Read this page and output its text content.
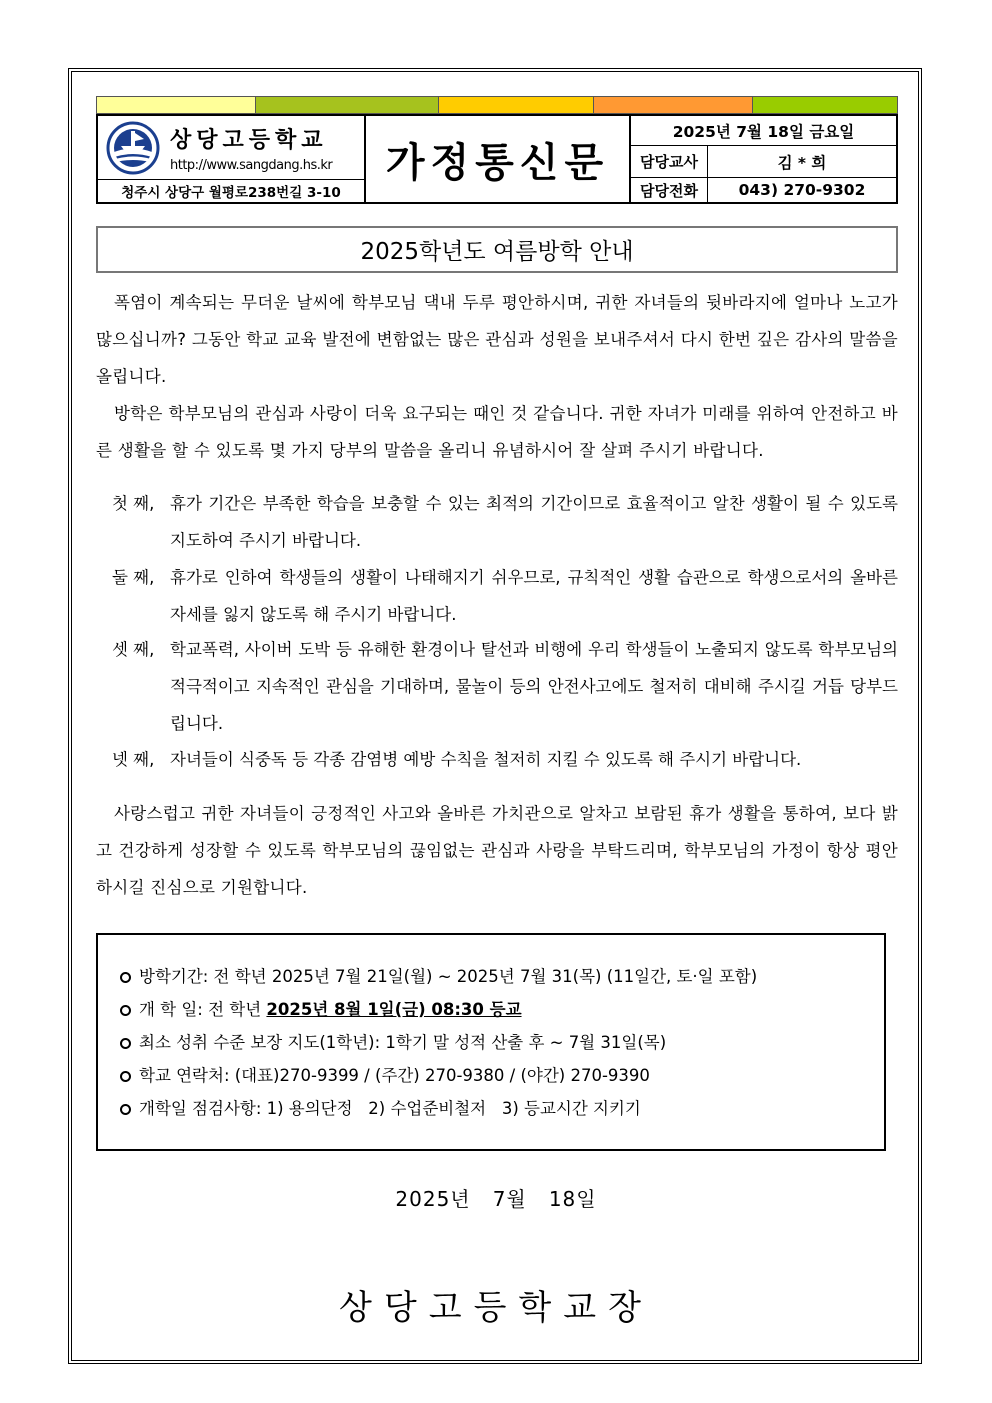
상당고등학교
http://www.sangdang.hs.kr
청주시 상당구 월평로238번길 3-10
가정통신문
2025년 7월 18일 금요일
담당교사	김 * 희
담당전화	043) 270-9302
2025학년도 여름방학 안내
폭염이 계속되는 무더운 날씨에 학부모님 댁내 두루 평안하시며, 귀한 자녀들의 뒷바라지에 얼마나 노고가 많으십니까? 그동안 학교 교육 발전에 변함없는 많은 관심과 성원을 보내주셔서 다시 한번 깊은 감사의 말씀을 올립니다.
방학은 학부모님의 관심과 사랑이 더욱 요구되는 때인 것 같습니다. 귀한 자녀가 미래를 위하여 안전하고 바른 생활을 할 수 있도록 몇 가지 당부의 말씀을 올리니 유념하시어 잘 살펴 주시기 바랍니다.
첫 째, 휴가 기간은 부족한 학습을 보충할 수 있는 최적의 기간이므로 효율적이고 알찬 생활이 될 수 있도록 지도하여 주시기 바랍니다.
둘 째, 휴가로 인하여 학생들의 생활이 나태해지기 쉬우므로, 규칙적인 생활 습관으로 학생으로서의 올바른 자세를 잃지 않도록 해 주시기 바랍니다.
셋 째, 학교폭력, 사이버 도박 등 유해한 환경이나 탈선과 비행에 우리 학생들이 노출되지 않도록 학부모님의 적극적이고 지속적인 관심을 기대하며, 물놀이 등의 안전사고에도 철저히 대비해 주시길 거듭 당부드립니다.
넷 째, 자녀들이 식중독 등 각종 감염병 예방 수칙을 철저히 지킬 수 있도록 해 주시기 바랍니다.
사랑스럽고 귀한 자녀들이 긍정적인 사고와 올바른 가치관으로 알차고 보람된 휴가 생활을 통하여, 보다 밝고 건강하게 성장할 수 있도록 학부모님의 끊임없는 관심과 사랑을 부탁드리며, 학부모님의 가정이 항상 평안하시길 진심으로 기원합니다.
방학기간: 전 학년 2025년 7월 21일(월) ~ 2025년 7월 31(목) (11일간, 토·일 포함)
개 학 일: 전 학년 2025년 8월 1일(금) 08:30 등교
최소 성취 수준 보장 지도(1학년): 1학기 말 성적 산출 후 ~ 7월 31일(목)
학교 연락처: (대표)270-9399 / (주간) 270-9380 / (야간) 270-9390
개학일 점검사항: 1) 용의단정   2) 수업준비철저   3) 등교시간 지키기
2025년   7월   18일
상당고등학교장
